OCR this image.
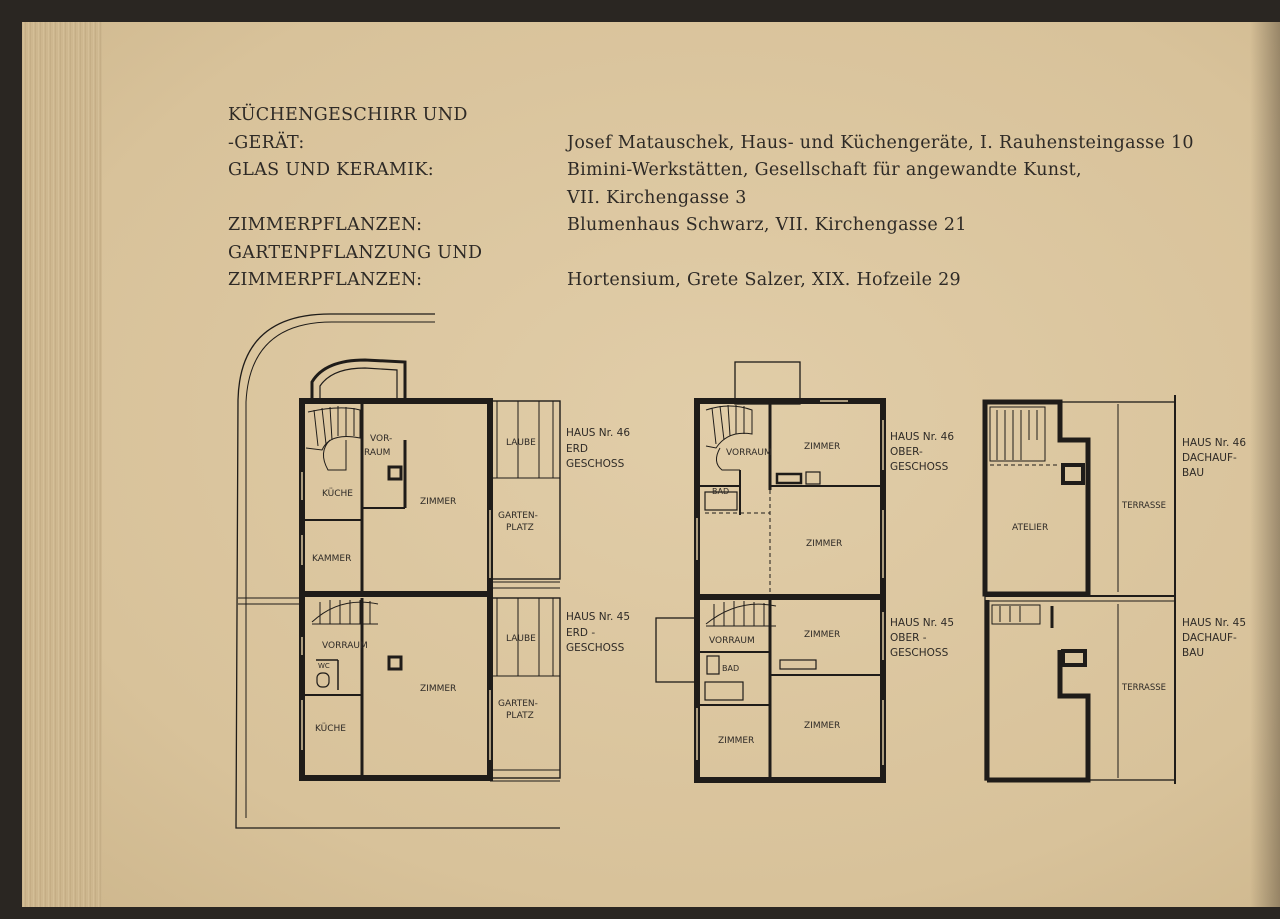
KÜCHENGESCHIRR UND
-GERÄT:	Josef Matauschek, Haus- und Küchengeräte, I. Rauhensteingasse 10
GLAS UND KERAMIK:	Bimini-Werkstätten, Gesellschaft für angewandte Kunst,
VII. Kirchengasse 3
ZIMMERPFLANZEN:	Blumenhaus Schwarz, VII. Kirchengasse 21
GARTENPFLANZUNG UND
ZIMMERPFLANZEN:	Hortensium, Grete Salzer, XIX. Hofzeile 29
HAUS Nr. 46
ERD
GESCHOSS
HAUS Nr. 45
ERD -
GESCHOSS
VOR-
RAUM
KÜCHE
KAMMER
ZIMMER
LAUBE
GARTEN-
PLATZ
VORRAUM
WC
KÜCHE
ZIMMER
LAUBE
GARTEN-
PLATZ
HAUS Nr. 46
OBER-
GESCHOSS
HAUS Nr. 45
OBER -
GESCHOSS
VORRAUM
ZIMMER
BAD
ZIMMER
VORRAUM
ZIMMER
BAD
ZIMMER
ZIMMER
HAUS Nr. 46
DACHAUF-
BAU
HAUS Nr. 45
DACHAUF-
BAU
ATELIER
TERRASSE
TERRASSE
